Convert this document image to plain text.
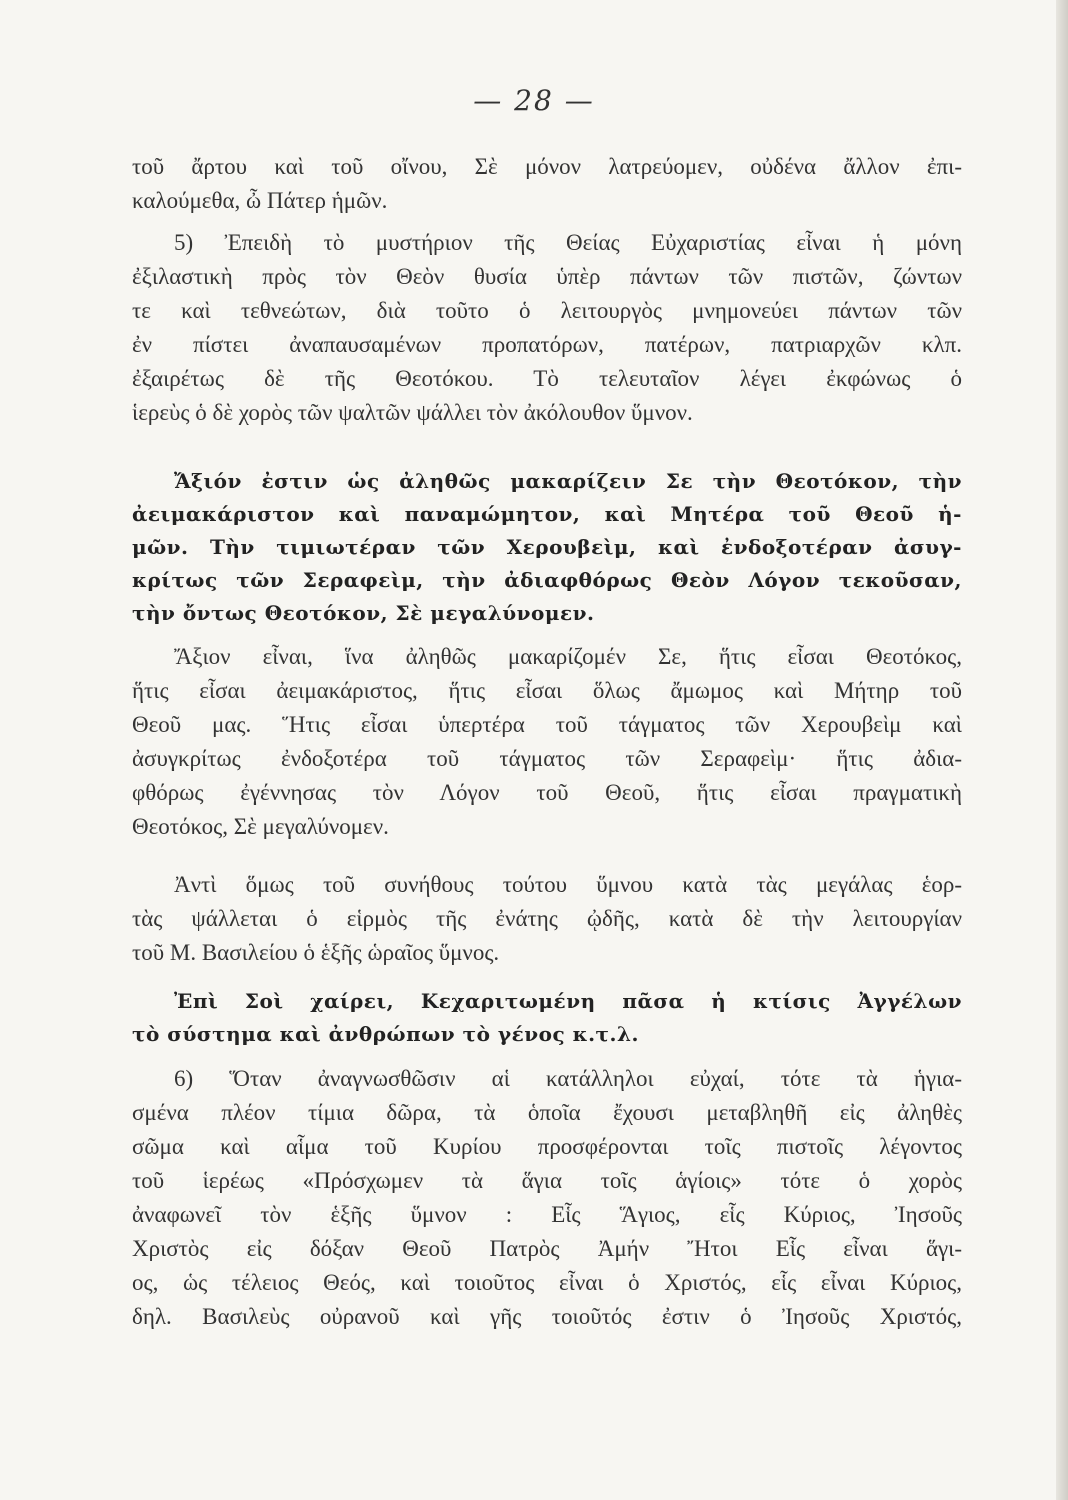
— 28 —
τοῦ ἄρτου καὶ τοῦ οἴνου, Σὲ μόνον λατρεύομεν, οὐδένα ἄλλον ἐπι-
καλούμεθα, ὦ Πάτερ ἡμῶν.
5) Ἐπειδὴ τὸ μυστήριον τῆς Θείας Εὐχαριστίας εἶναι ἡ μόνη
ἐξιλαστικὴ πρὸς τὸν Θεὸν θυσία ὑπὲρ πάντων τῶν πιστῶν, ζώντων
τε καὶ τεθνεώτων, διὰ τοῦτο ὁ λειτουργὸς μνημονεύει πάντων τῶν
ἐν πίστει ἀναπαυσαμένων προπατόρων, πατέρων, πατριαρχῶν κλπ.
ἐξαιρέτως δὲ τῆς Θεοτόκου. Τὸ τελευταῖον λέγει ἐκφώνως ὁ
ἱερεὺς ὁ δὲ χορὸς τῶν ψαλτῶν ψάλλει τὸν ἀκόλουθον ὕμνον.
Ἄξιόν ἐστιν ὡς ἀληθῶς μακαρίζειν Σε τὴν Θεοτόκον, τὴν
ἀειμακάριστον καὶ παναμώμητον, καὶ Μητέρα τοῦ Θεοῦ ἡ-
μῶν. Τὴν τιμιωτέραν τῶν Χερουβεὶμ, καὶ ἐνδοξοτέραν ἀσυγ-
κρίτως τῶν Σεραφεὶμ, τὴν ἀδιαφθόρως Θεὸν Λόγον τεκοῦσαν,
τὴν ὄντως Θεοτόκον, Σὲ μεγαλύνομεν.
Ἄξιον εἶναι, ἵνα ἀληθῶς μακαρίζομέν Σε, ἥτις εἶσαι Θεοτόκος,
ἥτις εἶσαι ἀειμακάριστος, ἥτις εἶσαι ὅλως ἄμωμος καὶ Μήτηρ τοῦ
Θεοῦ μας. Ἥτις εἶσαι ὑπερτέρα τοῦ τάγματος τῶν Χερουβεὶμ καὶ
ἀσυγκρίτως ἐνδοξοτέρα τοῦ τάγματος τῶν Σεραφεὶμ· ἥτις ἀδια-
φθόρως ἐγέννησας τὸν Λόγον τοῦ Θεοῦ, ἥτις εἶσαι πραγματικὴ
Θεοτόκος, Σὲ μεγαλύνομεν.
Ἀντὶ ὅμως τοῦ συνήθους τούτου ὕμνου κατὰ τὰς μεγάλας ἑορ-
τὰς ψάλλεται ὁ εἱρμὸς τῆς ἐνάτης ᾠδῆς, κατὰ δὲ τὴν λειτουργίαν
τοῦ Μ. Βασιλείου ὁ ἑξῆς ὡραῖος ὕμνος.
Ἐπὶ Σοὶ χαίρει, Κεχαριτωμένη πᾶσα ἡ κτίσις Ἀγγέλων
τὸ σύστημα καὶ ἀνθρώπων τὸ γένος κ.τ.λ.
6) Ὅταν ἀναγνωσθῶσιν αἱ κατάλληλοι εὐχαί, τότε τὰ ἡγια-
σμένα πλέον τίμια δῶρα, τὰ ὁποῖα ἔχουσι μεταβληθῆ εἰς ἀληθὲς
σῶμα καὶ αἷμα τοῦ Κυρίου προσφέρονται τοῖς πιστοῖς λέγοντος
τοῦ ἱερέως «Πρόσχωμεν τὰ ἅγια τοῖς ἁγίοις» τότε ὁ χορὸς
ἀναφωνεῖ τὸν ἑξῆς ὕμνον : Εἷς Ἅγιος, εἷς Κύριος, Ἰησοῦς
Χριστὸς εἰς δόξαν Θεοῦ Πατρὸς Ἀμήν Ἤτοι Εἷς εἶναι ἅγι-
ος, ὡς τέλειος Θεός, καὶ τοιοῦτος εἶναι ὁ Χριστός, εἷς εἶναι Κύριος,
δηλ. Βασιλεὺς οὐρανοῦ καὶ γῆς τοιοῦτός ἐστιν ὁ Ἰησοῦς Χριστός,
